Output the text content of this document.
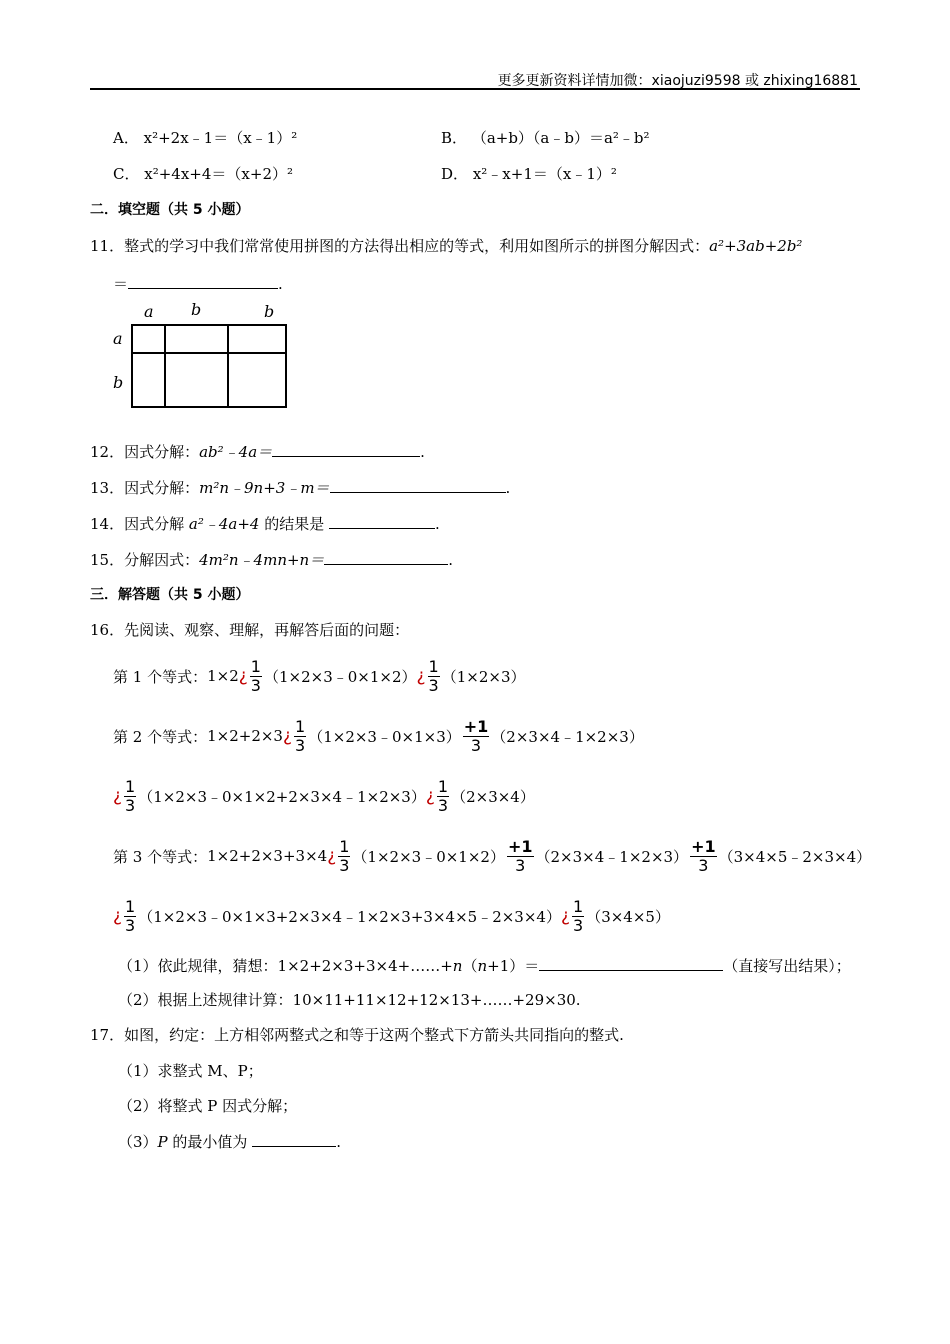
更多更新资料详情加微：xiaojuzi9598 或 zhixing16881
A． x²+2x﹣1＝（x﹣1）²	B． （a+b）（a﹣b）＝a²﹣b²
C． x²+4x+4＝（x+2）²	D． x²﹣x+1＝（x﹣1）²
二．填空题（共 5 小题）
11．整式的学习中我们常常使用拼图的方法得出相应的等式，利用如图所示的拼图分解因式：a²+3ab+2b²
＝	.
a b	b
a
b
12．因式分解：ab²﹣4a＝	.
13．因式分解：m²n﹣9n+3﹣m＝	.
14．因式分解 a²﹣4a+4 的结果是	.
15．分解因式：4m²n﹣4mn+n＝	.
三．解答题（共 5 小题）
16．先阅读、观察、理解，再解答后面的问题：
第 1 个等式： 1×2 ¿ $\frac{1}{3}$ （1×2×3﹣0×1×2） ¿ $\frac{1}{3} (1\times 2\times 3)$
第 2 个等式： 1×2+2×3 ¿ $\frac{1}{3}$ （1×2×3﹣0×1×3） $\frac{+1}{3}$ （2×3×4﹣1×2×3）
¿ $\frac{1}{3}$ （1×2×3﹣0×1×2+2×3×4﹣1×2×3） ¿ $\frac{1}{3} (2\times 3\times 4)$
第 3 个等式： 1×2+2×3+3×4 ¿ $\frac{1}{3}$ （1×2×3﹣0×1×2） $\frac{+1}{3}$ （2×3×4﹣1×2×3） $\frac{+1}{3}$ （3×4×5﹣2×3×4）
¿ $\frac{1}{3}$ （1×2×3﹣0×1×3+2×3×4﹣1×2×3+3×4×5﹣2×3×4） ¿ $\frac{1}{3} (3\times 4\times 5)$
（1）依此规律，猜想：1×2+2×3+3×4+……+n（n+1）＝	（直接写出结果）；
（2）根据上述规律计算：10×11+11×12+12×13+……+29×30.
17．如图，约定：上方相邻两整式之和等于这两个整式下方箭头共同指向的整式.
（1）求整式 M、P；
（2）将整式 P 因式分解；
（3）P 的最小值为	.
